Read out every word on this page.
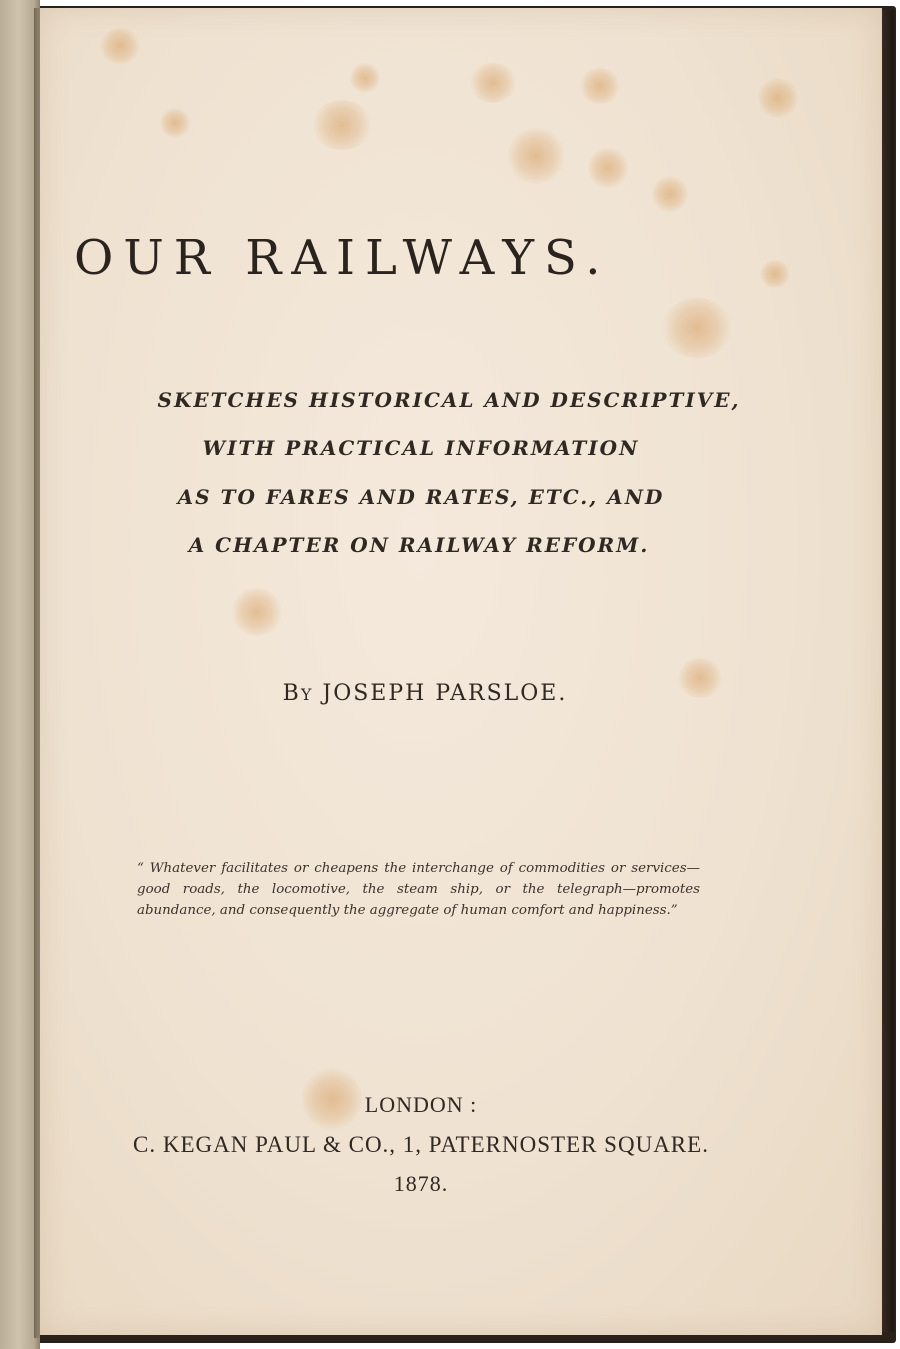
OUR RAILWAYS.
SKETCHES HISTORICAL AND DESCRIPTIVE,
WITH PRACTICAL INFORMATION
AS TO FARES AND RATES, ETC., AND
A CHAPTER ON RAILWAY REFORM.
BY JOSEPH PARSLOE.
“ Whatever facilitates or cheapens the interchange of commodities or services—good roads, the locomotive, the steam ship, or the telegraph—promotes abundance, and consequently the aggregate of human comfort and happiness.”
LONDON :
C. KEGAN PAUL & CO., 1, PATERNOSTER SQUARE.
1878.
